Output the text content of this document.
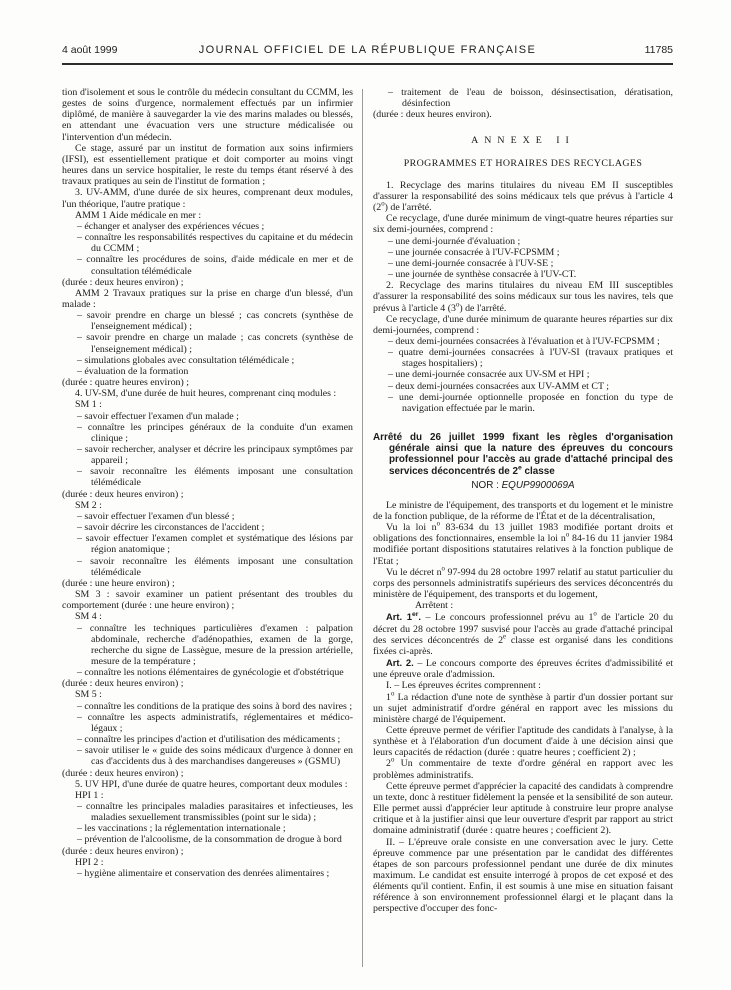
4 août 1999	JOURNAL OFFICIEL DE LA RÉPUBLIQUE FRANÇAISE	11785

tion d'isolement et sous le contrôle du médecin consultant du CCMM, les gestes de soins d'urgence, normalement effectués par un infirmier diplômé, de manière à sauvegarder la vie des marins malades ou blessés, en attendant une évacuation vers une structure médicalisée ou l'intervention d'un médecin.

Ce stage, assuré par un institut de formation aux soins infirmiers (IFSI), est essentiellement pratique et doit comporter au moins vingt heures dans un service hospitalier, le reste du temps étant réservé à des travaux pratiques au sein de l'institut de formation ;

3. UV-AMM, d'une durée de six heures, comprenant deux modules, l'un théorique, l'autre pratique :

AMM 1 Aide médicale en mer :

– échanger et analyser des expériences vécues ;

– connaître les responsabilités respectives du capitaine et du médecin du CCMM ;

– connaître les procédures de soins, d'aide médicale en mer et de consultation télémédicale

(durée : deux heures environ) ;

AMM 2 Travaux pratiques sur la prise en charge d'un blessé, d'un malade :

– savoir prendre en charge un blessé ; cas concrets (synthèse de l'enseignement médical) ;

– savoir prendre en charge un malade ; cas concrets (synthèse de l'enseignement médical) ;

– simulations globales avec consultation télémédicale ;

– évaluation de la formation

(durée : quatre heures environ) ;

4. UV-SM, d'une durée de huit heures, comprenant cinq modules :

SM 1 :

– savoir effectuer l'examen d'un malade ;

– connaître les principes généraux de la conduite d'un examen clinique ;

– savoir rechercher, analyser et décrire les principaux symptômes par appareil ;

– savoir reconnaître les éléments imposant une consultation télémédicale

(durée : deux heures environ) ;

SM 2 :

– savoir effectuer l'examen d'un blessé ;

– savoir décrire les circonstances de l'accident ;

– savoir effectuer l'examen complet et systématique des lésions par région anatomique ;

– savoir reconnaître les éléments imposant une consultation télémédicale

(durée : une heure environ) ;

SM 3 : savoir examiner un patient présentant des troubles du comportement (durée : une heure environ) ;

SM 4 :

– connaître les techniques particulières d'examen : palpation abdominale, recherche d'adénopathies, examen de la gorge, recherche du signe de Lassègue, mesure de la pression artérielle, mesure de la température ;

– connaître les notions élémentaires de gynécologie et d'obstétrique

(durée : deux heures environ) ;

SM 5 :

– connaître les conditions de la pratique des soins à bord des navires ;

– connaître les aspects administratifs, réglementaires et médico-légaux ;

– connaître les principes d'action et d'utilisation des médicaments ;

– savoir utiliser le « guide des soins médicaux d'urgence à donner en cas d'accidents dus à des marchandises dangereuses » (GSMU)

(durée : deux heures environ) ;

5. UV HPI, d'une durée de quatre heures, comportant deux modules :

HPI 1 :

– connaître les principales maladies parasitaires et infectieuses, les maladies sexuellement transmissibles (point sur le sida) ;

– les vaccinations ; la réglementation internationale ;

– prévention de l'alcoolisme, de la consommation de drogue à bord

(durée : deux heures environ) ;

HPI 2 :

– hygiène alimentaire et conservation des denrées alimentaires ;

– traitement de l'eau de boisson, désinsectisation, dératisation, désinfection

(durée : deux heures environ).

ANNEXE II

PROGRAMMES ET HORAIRES DES RECYCLAGES

1. Recyclage des marins titulaires du niveau EM II susceptibles d'assurer la responsabilité des soins médicaux tels que prévus à l'article 4 (2$^o$) de l'arrêté.

Ce recyclage, d'une durée minimum de vingt-quatre heures réparties sur six demi-journées, comprend :

– une demi-journée d'évaluation ;

– une journée consacrée à l'UV-FCPSMM ;

– une demi-journée consacrée à l'UV-SE ;

– une journée de synthèse consacrée à l'UV-CT.

2. Recyclage des marins titulaires du niveau EM III susceptibles d'assurer la responsabilité des soins médicaux sur tous les navires, tels que prévus à l'article 4 (3$^o$) de l'arrêté.

Ce recyclage, d'une durée minimum de quarante heures réparties sur dix demi-journées, comprend :

– deux demi-journées consacrées à l'évaluation et à l'UV-FCPSMM ;

– quatre demi-journées consacrées à l'UV-SI (travaux pratiques et stages hospitaliers) ;

– une demi-journée consacrée aux UV-SM et HPI ;

– deux demi-journées consacrées aux UV-AMM et CT ;

– une demi-journée optionnelle proposée en fonction du type de navigation effectuée par le marin.

Arrêté du 26 juillet 1999 fixant les règles d'organisation générale ainsi que la nature des épreuves du concours professionnel pour l'accès au grade d'attaché principal des services déconcentrés de 2e classe

NOR : EQUP9900069A

Le ministre de l'équipement, des transports et du logement et le ministre de la fonction publique, de la réforme de l'État et de la décentralisation,

Vu la loi $n^o$ 83-634 du 13 juillet 1983 modifiée portant droits et obligations des fonctionnaires, ensemble la loi $n^o$ 84-16 du 11 janvier 1984 modifiée portant dispositions statutaires relatives à la fonction publique de l'Etat ;

Vu le décret $n^o$ 97-994 du 28 octobre 1997 relatif au statut particulier du corps des personnels administratifs supérieurs des services déconcentrés du ministère de l'équipement, des transports et du logement,

Arrêtent :

Art. 1er. – Le concours professionnel prévu au 1$^o$ de l'article 20 du décret du 28 octobre 1997 susvisé pour l'accès au grade d'attaché principal des services déconcentrés de 2e classe est organisé dans les conditions fixées ci-après.

Art. 2. – Le concours comporte des épreuves écrites d'admissibilité et une épreuve orale d'admission.

I. – Les épreuves écrites comprennent :

1$^o$ La rédaction d'une note de synthèse à partir d'un dossier portant sur un sujet administratif d'ordre général en rapport avec les missions du ministère chargé de l'équipement.

Cette épreuve permet de vérifier l'aptitude des candidats à l'analyse, à la synthèse et à l'élaboration d'un document d'aide à une décision ainsi que leurs capacités de rédaction (durée : quatre heures ; coefficient 2) ;

2$^o$ Un commentaire de texte d'ordre général en rapport avec les problèmes administratifs.

Cette épreuve permet d'apprécier la capacité des candidats à comprendre un texte, donc à restituer fidèlement la pensée et la sensibilité de son auteur. Elle permet aussi d'apprécier leur aptitude à construire leur propre analyse critique et à la justifier ainsi que leur ouverture d'esprit par rapport au strict domaine administratif (durée : quatre heures ; coefficient 2).

II. – L'épreuve orale consiste en une conversation avec le jury. Cette épreuve commence par une présentation par le candidat des différentes étapes de son parcours professionnel pendant une durée de dix minutes maximum. Le candidat est ensuite interrogé à propos de cet exposé et des éléments qu'il contient. Enfin, il est soumis à une mise en situation faisant référence à son environnement professionnel élargi et le plaçant dans la perspective d'occuper des fonc-
